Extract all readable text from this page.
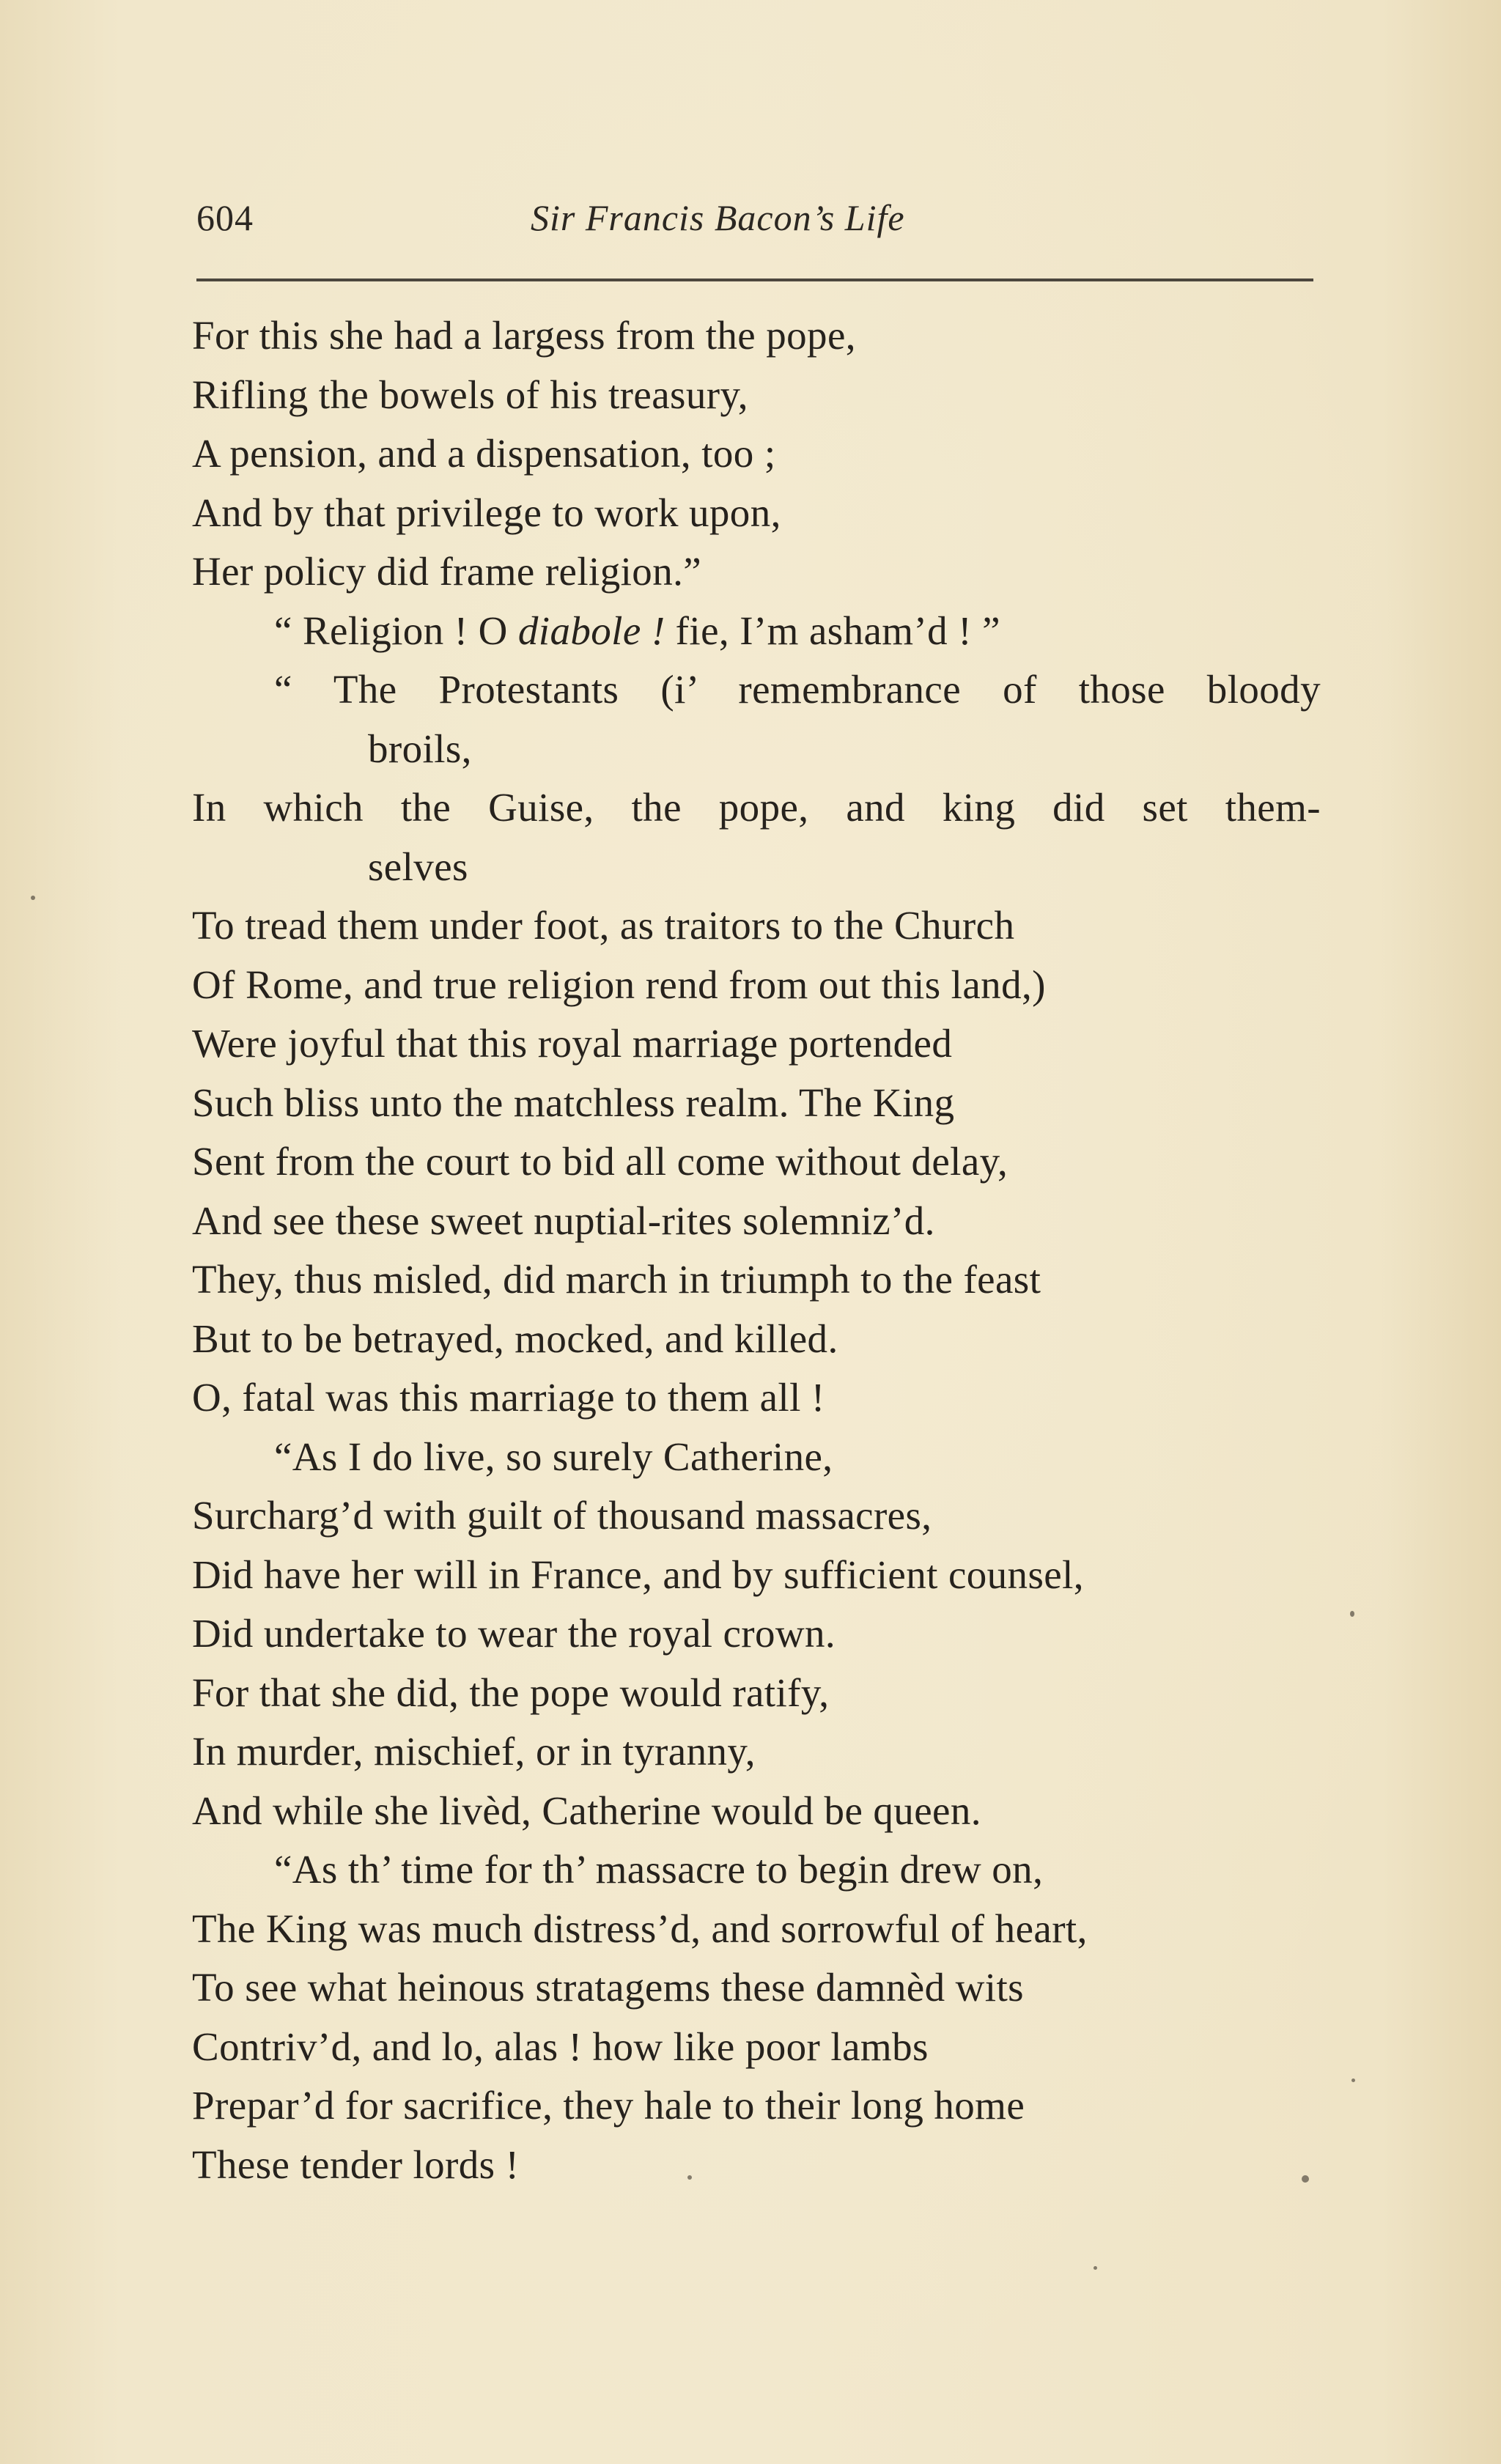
604	Sir Francis Bacon’s Life
For this she had a largess from the pope,
Rifling the bowels of his treasury,
A pension, and a dispensation, too ;
And by that privilege to work upon,
Her policy did frame religion.”
“ Religion ! O diabole ! fie, I’m asham’d ! ”
“ The Protestants (i’ remembrance of those bloody
broils,
In which the Guise, the pope, and king did set them-
selves
To tread them under foot, as traitors to the Church
Of Rome, and true religion rend from out this land,)
Were joyful that this royal marriage portended
Such bliss unto the matchless realm. The King
Sent from the court to bid all come without delay,
And see these sweet nuptial-rites solemniz’d.
They, thus misled, did march in triumph to the feast
But to be betrayed, mocked, and killed.
O, fatal was this marriage to them all !
“As I do live, so surely Catherine,
Surcharg’d with guilt of thousand massacres,
Did have her will in France, and by sufficient counsel,
Did undertake to wear the royal crown.
For that she did, the pope would ratify,
In murder, mischief, or in tyranny,
And while she livèd, Catherine would be queen.
“As th’ time for th’ massacre to begin drew on,
The King was much distress’d, and sorrowful of heart,
To see what heinous stratagems these damnèd wits
Contriv’d, and lo, alas ! how like poor lambs
Prepar’d for sacrifice, they hale to their long home
These tender lords !
